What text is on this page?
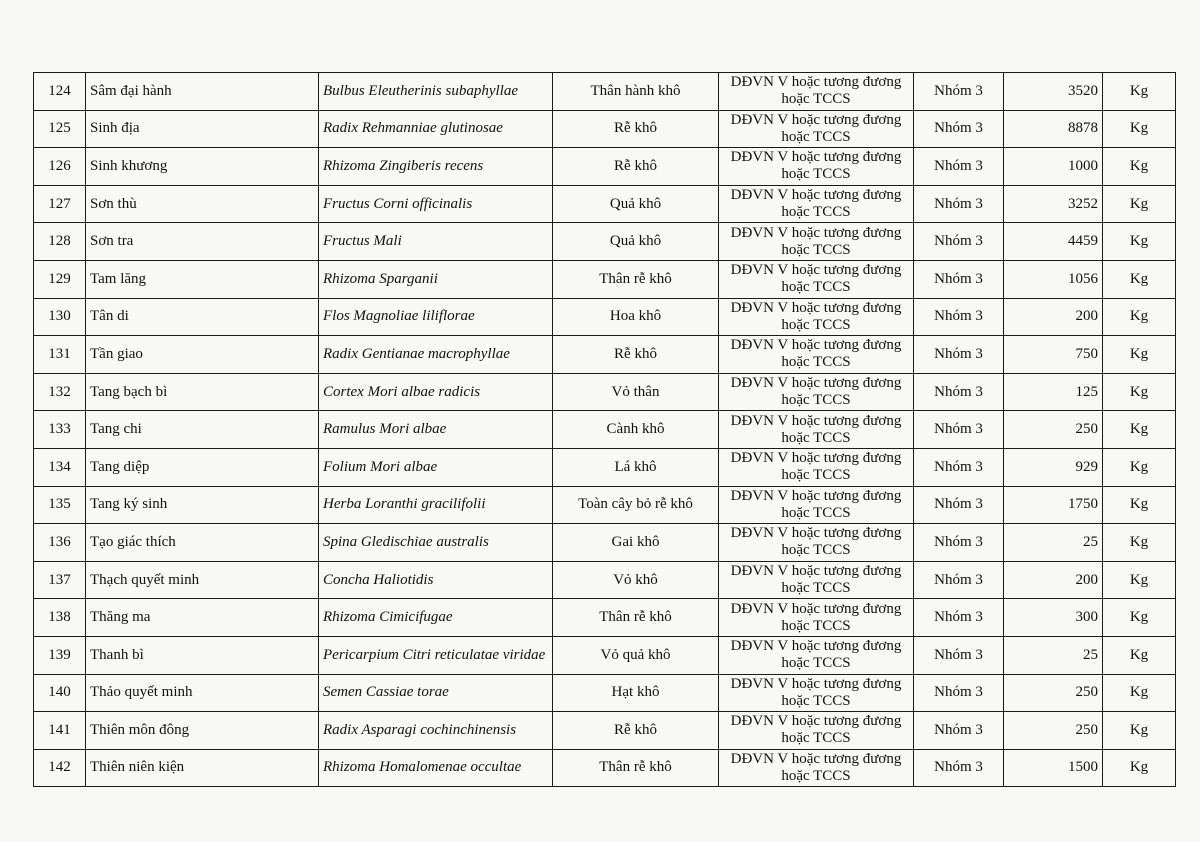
124	Sâm đại hành	Bulbus Eleutherinis subaphyllae	Thân hành khô	DĐVN V hoặc tương đương hoặc TCCS	Nhóm 3	3520	Kg
125	Sinh địa	Radix Rehmanniae glutinosae	Rễ khô	DĐVN V hoặc tương đương hoặc TCCS	Nhóm 3	8878	Kg
126	Sinh khương	Rhizoma Zingiberis recens	Rễ khô	DĐVN V hoặc tương đương hoặc TCCS	Nhóm 3	1000	Kg
127	Sơn thù	Fructus Corni officinalis	Quả khô	DĐVN V hoặc tương đương hoặc TCCS	Nhóm 3	3252	Kg
128	Sơn tra	Fructus Mali	Quả khô	DĐVN V hoặc tương đương hoặc TCCS	Nhóm 3	4459	Kg
129	Tam lăng	Rhizoma Sparganii	Thân rễ khô	DĐVN V hoặc tương đương hoặc TCCS	Nhóm 3	1056	Kg
130	Tân di	Flos Magnoliae liliflorae	Hoa khô	DĐVN V hoặc tương đương hoặc TCCS	Nhóm 3	200	Kg
131	Tần giao	Radix Gentianae macrophyllae	Rễ khô	DĐVN V hoặc tương đương hoặc TCCS	Nhóm 3	750	Kg
132	Tang bạch bì	Cortex Mori albae radicis	Vỏ thân	DĐVN V hoặc tương đương hoặc TCCS	Nhóm 3	125	Kg
133	Tang chi	Ramulus Mori albae	Cành khô	DĐVN V hoặc tương đương hoặc TCCS	Nhóm 3	250	Kg
134	Tang diệp	Folium Mori albae	Lá khô	DĐVN V hoặc tương đương hoặc TCCS	Nhóm 3	929	Kg
135	Tang ký sinh	Herba Loranthi gracilifolii	Toàn cây bỏ rễ khô	DĐVN V hoặc tương đương hoặc TCCS	Nhóm 3	1750	Kg
136	Tạo giác thích	Spina Gledischiae australis	Gai khô	DĐVN V hoặc tương đương hoặc TCCS	Nhóm 3	25	Kg
137	Thạch quyết minh	Concha Haliotidis	Vỏ khô	DĐVN V hoặc tương đương hoặc TCCS	Nhóm 3	200	Kg
138	Thăng ma	Rhizoma Cimicifugae	Thân rễ khô	DĐVN V hoặc tương đương hoặc TCCS	Nhóm 3	300	Kg
139	Thanh bì	Pericarpium Citri reticulatae viridae	Vỏ quả khô	DĐVN V hoặc tương đương hoặc TCCS	Nhóm 3	25	Kg
140	Thảo quyết minh	Semen Cassiae torae	Hạt khô	DĐVN V hoặc tương đương hoặc TCCS	Nhóm 3	250	Kg
141	Thiên môn đông	Radix Asparagi cochinchinensis	Rễ khô	DĐVN V hoặc tương đương hoặc TCCS	Nhóm 3	250	Kg
142	Thiên niên kiện	Rhizoma Homalomenae occultae	Thân rễ khô	DĐVN V hoặc tương đương hoặc TCCS	Nhóm 3	1500	Kg
